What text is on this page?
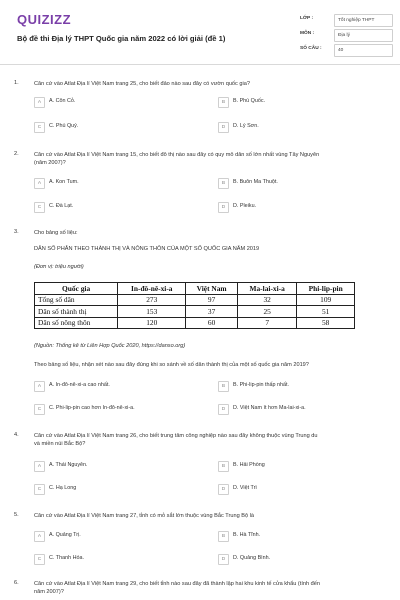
QUIZIZZ
Bộ đề thi Địa lý THPT Quốc gia năm 2022 có lời giải (đề 1)
LỚP :	Tốt nghiệp THPT
MÔN :	Địa lý
SỐ CÂU :	40
1.	Căn cứ vào Atlat Địa lí Việt Nam trang 25, cho biết đảo nào sau đây có vườn quốc gia?
A	A. Côn Cỏ.	B	B. Phú Quốc.
C	C. Phú Quý.	D	D. Lý Sơn.
2.	Căn cứ vào Atlat Địa lí Việt Nam trang 15, cho biết đô thị nào sau đây có quy mô dân số lớn nhất vùng Tây Nguyên
(năm 2007)?
A	A. Kon Tum.	B	B. Buôn Ma Thuột.
C	C. Đà Lạt.	D	D. Pleiku.
3.	Cho bảng số liệu:
DÂN SỐ PHÂN THEO THÀNH THỊ VÀ NÔNG THÔN CỦA MỘT SỐ QUỐC GIA NĂM 2019
(Đơn vị: triệu người)
Quốc gia	In-đô-nê-xi-a	Việt Nam	Ma-lai-xi-a	Phi-lip-pin
Tổng số dân	273	97	32	109
Dân số thành thị	153	37	25	51
Dân số nông thôn	120	60	7	58
(Nguồn: Thống kê từ Liên Hợp Quốc 2020, https://danso.org)
Theo bảng số liệu, nhận xét nào sau đây đúng khi so sánh về số dân thành thị của một số quốc gia năm 2019?
A	A. In-đô-nê-xi-a cao nhất.	B	B. Phi-lip-pin thấp nhất.
C	C. Phi-lip-pin cao hơn In-đô-nê-xi-a.	D	D. Việt Nam ít hơn Ma-lai-xi-a.
4.	Căn cứ vào Atlat Địa lí Việt Nam trang 26, cho biết trung tâm công nghiệp nào sau đây không thuộc vùng Trung du
và miền núi Bắc Bộ?
A	A. Thái Nguyên.	B	B. Hải Phòng
C	C. Hạ Long	D	D. Việt Trì
5.	Căn cứ vào Atlat Địa lí Việt Nam trang 27, tỉnh có mỏ sắt lớn thuộc vùng Bắc Trung Bộ là
A	A. Quảng Trị.	B	B. Hà Tĩnh.
C	C. Thanh Hóa.	D	D. Quảng Bình.
6.	Căn cứ vào Atlat Địa lí Việt Nam trang 29, cho biết tỉnh nào sau đây đã thành lập hai khu kinh tế cửa khẩu (tính đến
năm 2007)?
